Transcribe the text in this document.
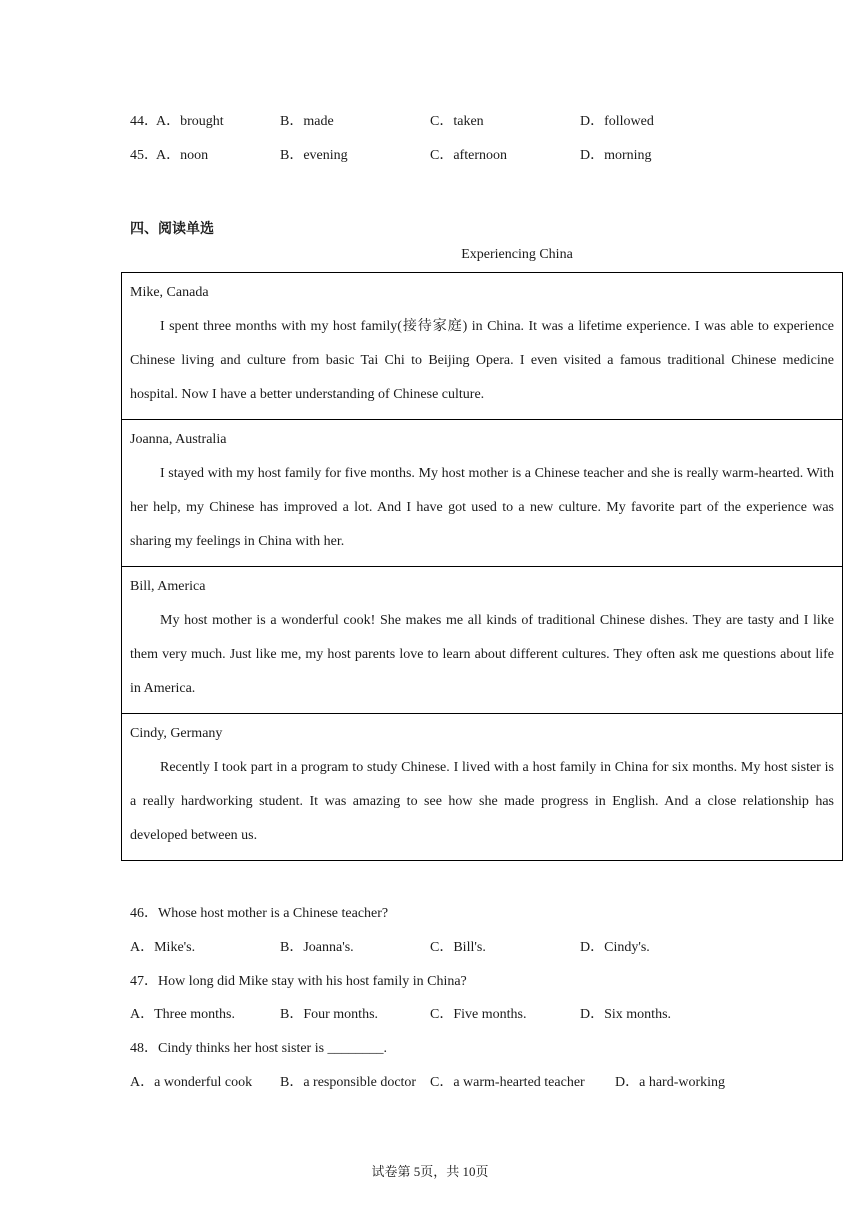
44．
A．brought	B．made	C．taken	D．followed
45．
A．noon	B．evening	C．afternoon	D．morning
四、阅读单选
Experiencing China
Mike, Canada
I spent three months with my host family(接待家庭) in China. It was a lifetime experience. I was able to experience Chinese living and culture from basic Tai Chi to Beijing Opera. I even visited a famous traditional Chinese medicine hospital. Now I have a better understanding of Chinese culture.
Joanna, Australia
I stayed with my host family for five months. My host mother is a Chinese teacher and she is really warm-hearted. With her help, my Chinese has improved a lot. And I have got used to a new culture. My favorite part of the experience was sharing my feelings in China with her.
Bill, America
My host mother is a wonderful cook! She makes me all kinds of traditional Chinese dishes. They are tasty and I like them very much. Just like me, my host parents love to learn about different cultures. They often ask me questions about life in America.
Cindy, Germany
Recently I took part in a program to study Chinese. I lived with a host family in China for six months. My host sister is a really hardworking student. It was amazing to see how she made progress in English. And a close relationship has developed between us.
46．Whose host mother is a Chinese teacher?
A．Mike's.	B．Joanna's.	C．Bill's.	D．Cindy's.
47．How long did Mike stay with his host family in China?
A．Three months.	B．Four months.	C．Five months.	D．Six months.
48．Cindy thinks her host sister is ________.
A．a wonderful cook B．a responsible doctor C．a warm-hearted teacher D．a hard-working
试卷第 5页，共 10页
